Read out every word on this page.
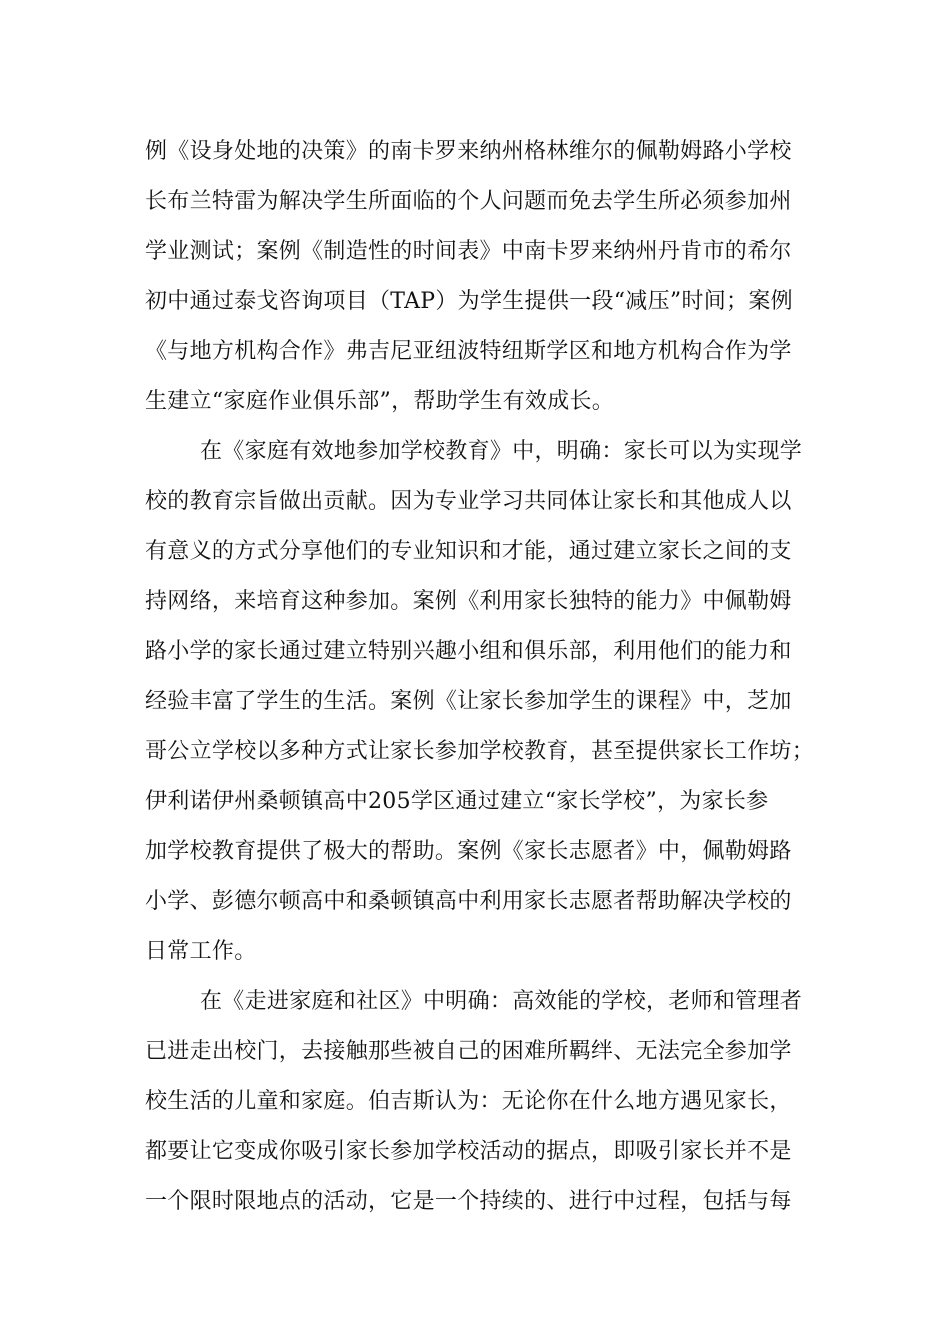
例《设身处地的决策》的南卡罗来纳州格林维尔的佩勒姆路小学校
长布兰特雷为解决学生所面临的个人问题而免去学生所必须参加州
学业测试；案例《制造性的时间表》中南卡罗来纳州丹肯市的希尔
初中通过泰戈咨询项目（TAP）为学生提供一段“减压”时间；案例
《与地方机构合作》弗吉尼亚纽波特纽斯学区和地方机构合作为学
生建立“家庭作业俱乐部”，帮助学生有效成长。
在《家庭有效地参加学校教育》中，明确：家长可以为实现学
校的教育宗旨做出贡献。因为专业学习共同体让家长和其他成人以
有意义的方式分享他们的专业知识和才能，通过建立家长之间的支
持网络，来培育这种参加。案例《利用家长独特的能力》中佩勒姆
路小学的家长通过建立特别兴趣小组和俱乐部，利用他们的能力和
经验丰富了学生的生活。案例《让家长参加学生的课程》中，芝加
哥公立学校以多种方式让家长参加学校教育，甚至提供家长工作坊；
伊利诺伊州桑顿镇高中205学区通过建立“家长学校”，为家长参
加学校教育提供了极大的帮助。案例《家长志愿者》中，佩勒姆路
小学、彭德尔顿高中和桑顿镇高中利用家长志愿者帮助解决学校的
日常工作。
在《走进家庭和社区》中明确：高效能的学校，老师和管理者
已进走出校门，去接触那些被自己的困难所羁绊、无法完全参加学
校生活的儿童和家庭。伯吉斯认为：无论你在什么地方遇见家长，
都要让它变成你吸引家长参加学校活动的据点，即吸引家长并不是
一个限时限地点的活动，它是一个持续的、进行中过程，包括与每
